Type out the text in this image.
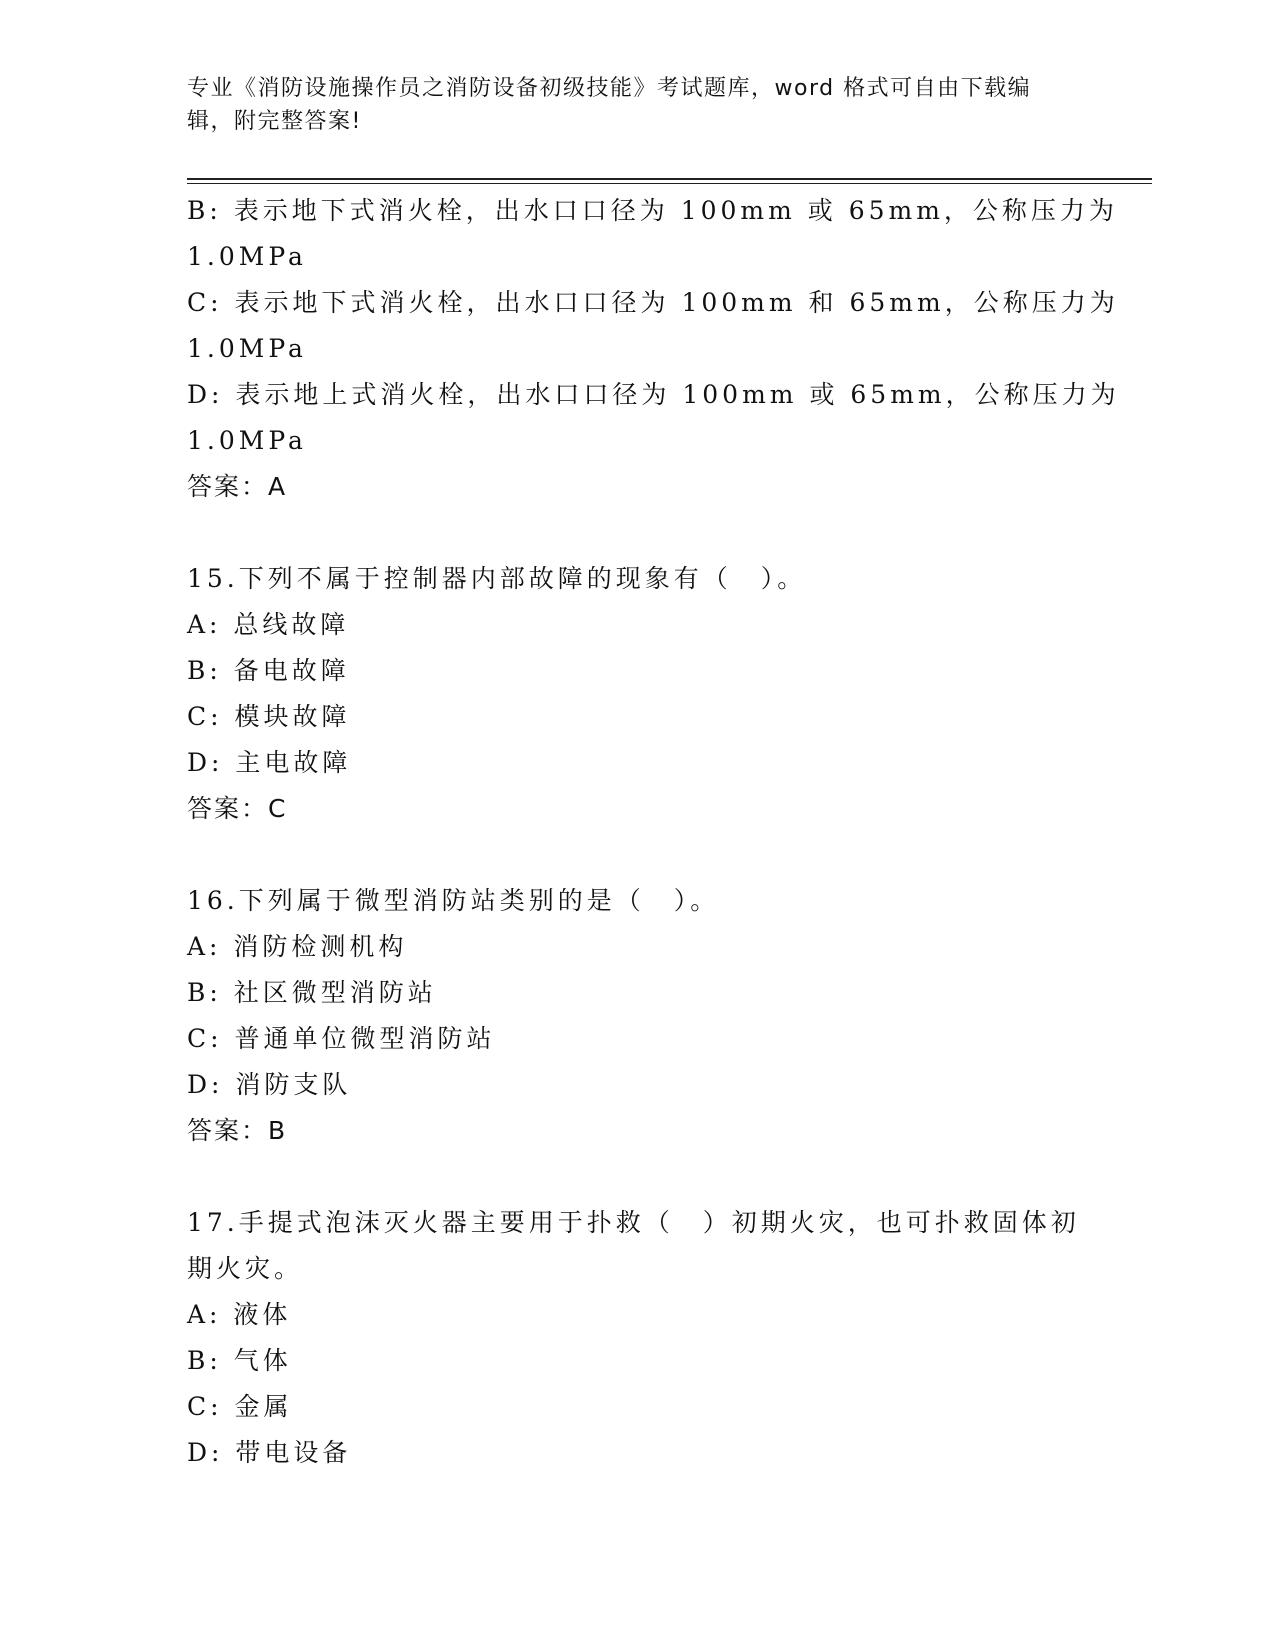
专业《消防设施操作员之消防设备初级技能》考试题库，word 格式可自由下载编
辑，附完整答案!
B: 表示地下式消火栓，出水口口径为 100mm 或 65mm，公称压力为
1.0MPa
C: 表示地下式消火栓，出水口口径为 100mm 和 65mm，公称压力为
1.0MPa
D: 表示地上式消火栓，出水口口径为 100mm 或 65mm，公称压力为
1.0MPa
答案：A
15.下列不属于控制器内部故障的现象有（　）。
A: 总线故障
B: 备电故障
C: 模块故障
D: 主电故障
答案：C
16.下列属于微型消防站类别的是（　）。
A: 消防检测机构
B: 社区微型消防站
C: 普通单位微型消防站
D: 消防支队
答案：B
17.手提式泡沫灭火器主要用于扑救（　）初期火灾，也可扑救固体初
期火灾。
A: 液体
B: 气体
C: 金属
D: 带电设备
